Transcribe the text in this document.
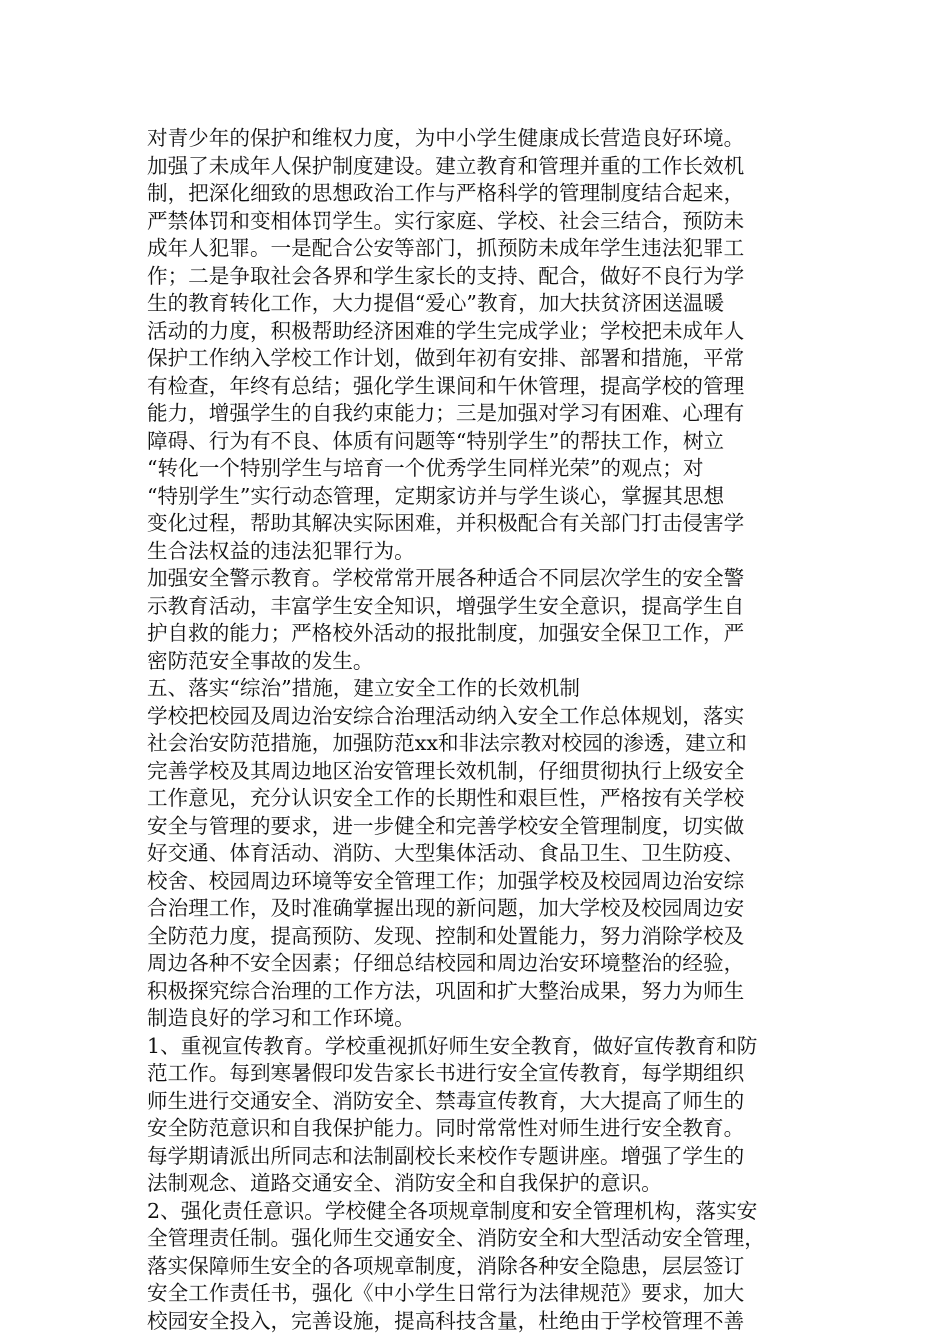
对青少年的保护和维权力度，为中小学生健康成长营造良好环境。
加强了未成年人保护制度建设。建立教育和管理并重的工作长效机
制，把深化细致的思想政治工作与严格科学的管理制度结合起来，
严禁体罚和变相体罚学生。实行家庭、学校、社会三结合，预防未
成年人犯罪。一是配合公安等部门，抓预防未成年学生违法犯罪工
作；二是争取社会各界和学生家长的支持、配合，做好不良行为学
生的教育转化工作，大力提倡“爱心”教育，加大扶贫济困送温暖
活动的力度，积极帮助经济困难的学生完成学业；学校把未成年人
保护工作纳入学校工作计划，做到年初有安排、部署和措施，平常
有检查，年终有总结；强化学生课间和午休管理，提高学校的管理
能力，增强学生的自我约束能力；三是加强对学习有困难、心理有
障碍、行为有不良、体质有问题等“特别学生”的帮扶工作，树立
“转化一个特别学生与培育一个优秀学生同样光荣”的观点；对
“特别学生”实行动态管理，定期家访并与学生谈心，掌握其思想
变化过程，帮助其解决实际困难，并积极配合有关部门打击侵害学
生合法权益的违法犯罪行为。
加强安全警示教育。学校常常开展各种适合不同层次学生的安全警
示教育活动，丰富学生安全知识，增强学生安全意识，提高学生自
护自救的能力；严格校外活动的报批制度，加强安全保卫工作，严
密防范安全事故的发生。
五、落实“综治”措施，建立安全工作的长效机制
学校把校园及周边治安综合治理活动纳入安全工作总体规划，落实
社会治安防范措施，加强防范xx和非法宗教对校园的渗透，建立和
完善学校及其周边地区治安管理长效机制，仔细贯彻执行上级安全
工作意见，充分认识安全工作的长期性和艰巨性，严格按有关学校
安全与管理的要求，进一步健全和完善学校安全管理制度，切实做
好交通、体育活动、消防、大型集体活动、食品卫生、卫生防疫、
校舍、校园周边环境等安全管理工作；加强学校及校园周边治安综
合治理工作，及时准确掌握出现的新问题，加大学校及校园周边安
全防范力度，提高预防、发现、控制和处置能力，努力消除学校及
周边各种不安全因素；仔细总结校园和周边治安环境整治的经验，
积极探究综合治理的工作方法，巩固和扩大整治成果，努力为师生
制造良好的学习和工作环境。
1、重视宣传教育。学校重视抓好师生安全教育，做好宣传教育和防
范工作。每到寒暑假印发告家长书进行安全宣传教育，每学期组织
师生进行交通安全、消防安全、禁毒宣传教育，大大提高了师生的
安全防范意识和自我保护能力。同时常常性对师生进行安全教育。
每学期请派出所同志和法制副校长来校作专题讲座。增强了学生的
法制观念、道路交通安全、消防安全和自我保护的意识。
2、强化责任意识。学校健全各项规章制度和安全管理机构，落实安
全管理责任制。强化师生交通安全、消防安全和大型活动安全管理，
落实保障师生安全的各项规章制度，消除各种安全隐患，层层签订
安全工作责任书，强化《中小学生日常行为法律规范》要求，加大
校园安全投入，完善设施，提高科技含量，杜绝由于学校管理不善
